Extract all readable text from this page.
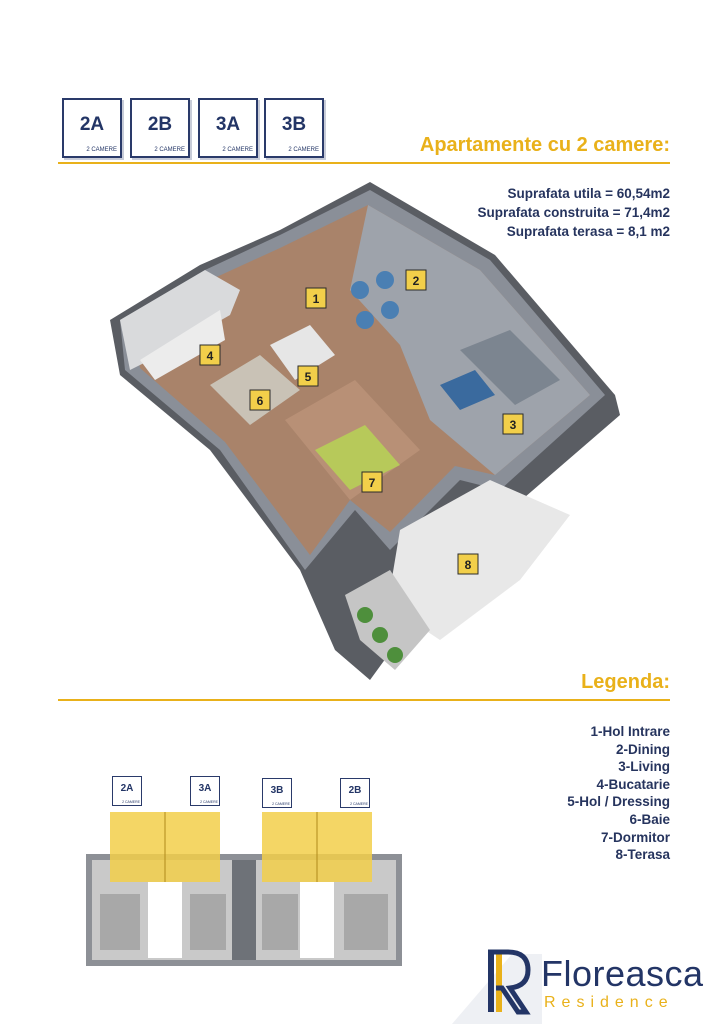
2A
2 CAMERE
2B
2 CAMERE
3A
2 CAMERE
3B
2 CAMERE	Apartamente cu 2 camere:
Suprafata utila = 60,54m2
Suprafata construita = 71,4m2
Suprafata terasa = 8,1 m2
1
2
3
4
5
6
7
8
Legenda:
1-Hol Intrare
2-Dining
3-Living
4-Bucatarie
5-Hol / Dressing
6-Baie
7-Dormitor
8-Terasa
2A
2 CAMERE
3A
2 CAMERE
3B
2 CAMERE
2B
2 CAMERE
Floreasca
Residence
